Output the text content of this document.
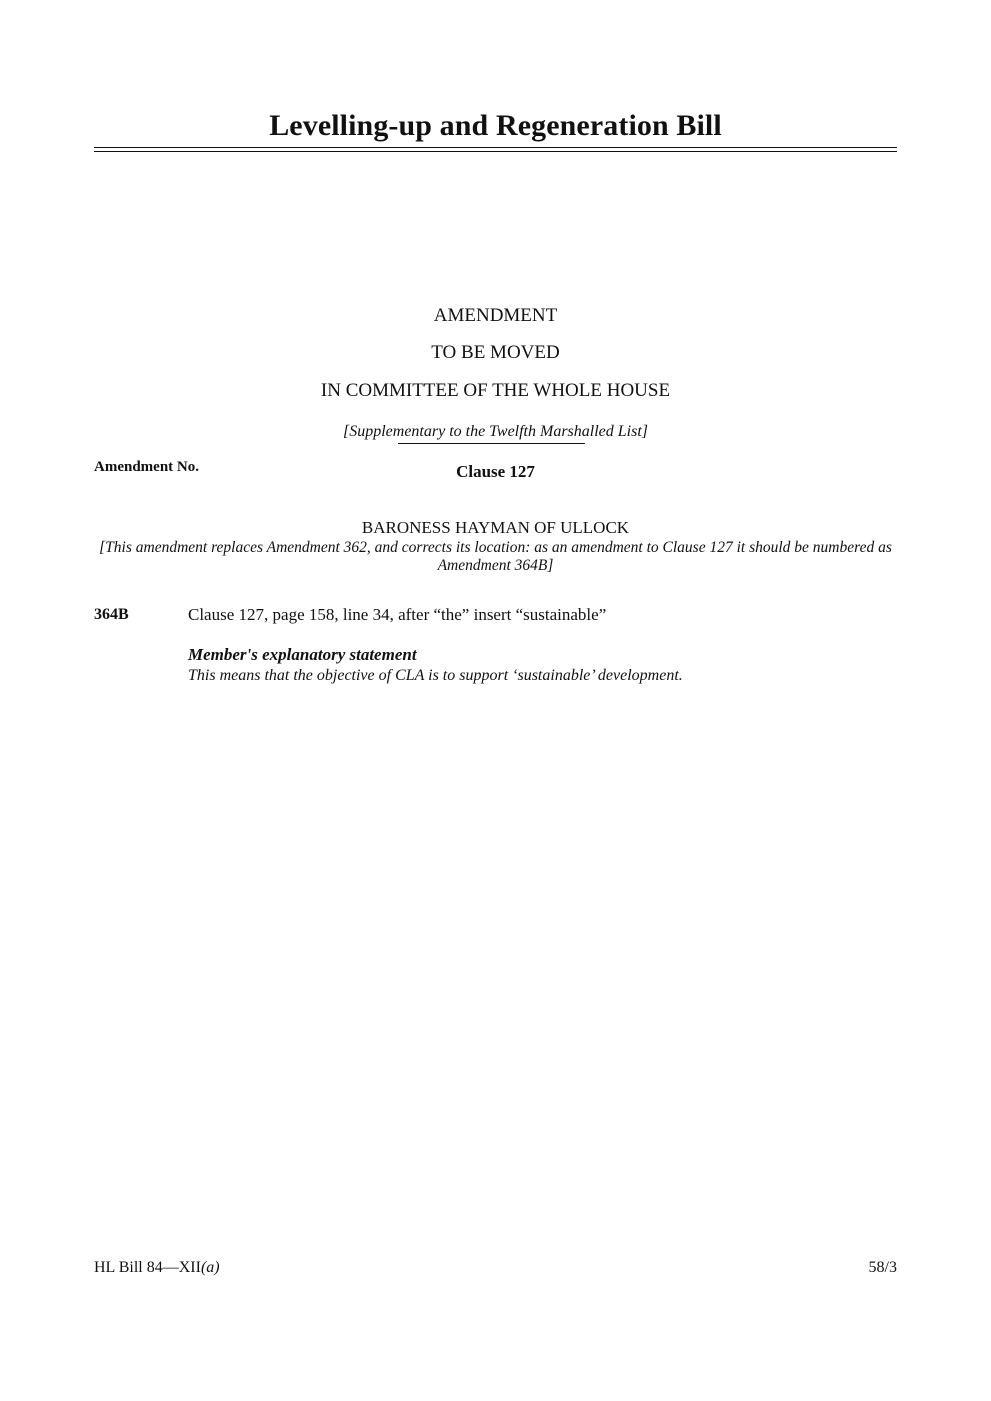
Levelling-up and Regeneration Bill
AMENDMENT
TO BE MOVED
IN COMMITTEE OF THE WHOLE HOUSE
[Supplementary to the Twelfth Marshalled List]
Amendment No.	Clause 127
BARONESS HAYMAN OF ULLOCK
[This amendment replaces Amendment 362, and corrects its location: as an amendment to Clause 127 it should be numbered as Amendment 364B]
364B	Clause 127, page 158, line 34, after “the” insert “sustainable”
Member's explanatory statement
This means that the objective of CLA is to support ‘sustainable’ development.
HL Bill 84—XII(a)	58/3
